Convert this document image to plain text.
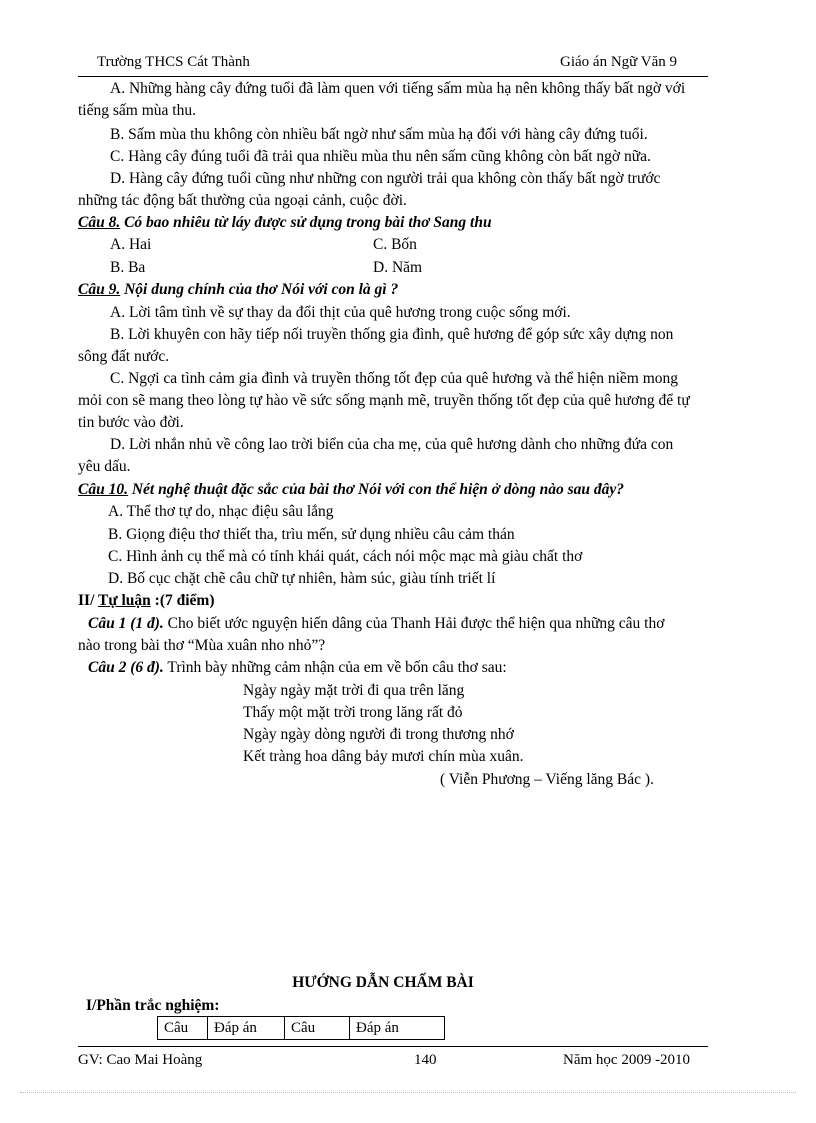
Trường THCS Cát Thành	Giáo án Ngữ Văn 9
A. Những hàng cây đứng tuổi đã làm quen với tiếng sấm mùa hạ nên không thấy bất ngờ với
tiếng sấm mùa thu.
B. Sấm mùa thu không còn nhiều bất ngờ như sấm mùa hạ đối với hàng cây đứng tuổi.
C. Hàng cây đúng tuổi đã trải qua nhiều mùa thu nên sấm cũng không còn bất ngờ nữa.
D. Hàng cây đứng tuổi cũng như những con người trải qua không còn thấy bất ngờ trước
những tác động bất thường của ngoại cảnh, cuộc đời.
Câu 8. Có bao nhiêu từ láy được sử dụng trong bài thơ Sang thu
A. Hai	C. Bốn
B. Ba	D. Năm
Câu 9. Nội dung chính của thơ Nói với con là gì ?
A. Lời tâm tình về sự thay da đổi thịt của quê hương trong cuộc sống mới.
B. Lời khuyên con hãy tiếp nối truyền thống gia đình, quê hương để góp sức xây dựng non
sông đất nước.
C. Ngợi ca tình cảm gia đình và truyền thống tốt đẹp của quê hương và thể hiện niềm mong
mỏi con sẽ mang theo lòng tự hào về sức sống mạnh mẽ, truyền thống tốt đẹp của quê hương để tự
tin bước vào đời.
D. Lời nhắn nhủ về công lao trời biển của cha mẹ, của quê hương dành cho những đứa con
yêu dấu.
Câu 10. Nét nghệ thuật đặc sắc của bài thơ Nói với con thể hiện ở dòng nào sau đây?
A. Thể thơ tự do, nhạc điệu sâu lắng
B. Giọng điệu thơ thiết tha, trìu mến, sử dụng nhiều câu cảm thán
C. Hình ảnh cụ thể mà có tính khái quát, cách nói mộc mạc mà giàu chất thơ
D. Bố cục chặt chẽ câu chữ tự nhiên, hàm súc, giàu tính triết lí
II/ Tự luận :(7 điểm)
Câu 1 (1 đ). Cho biết ước nguyện hiến dâng của Thanh Hải được thể hiện qua những câu thơ
nào trong bài thơ “Mùa xuân nho nhỏ”?
Câu 2 (6 đ). Trình bày những cảm nhận của em về bốn câu thơ sau:
Ngày ngày mặt trời đi qua trên lăng
Thấy một mặt trời trong lăng rất đỏ
Ngày ngày dòng người đi trong thương nhớ
Kết tràng hoa dâng bảy mươi chín mùa xuân.
( Viễn Phương – Viếng lăng Bác ).
HƯỚNG DẪN CHẤM BÀI
I/Phần trắc nghiệm:
Câu	Đáp án	Câu	Đáp án
GV: Cao Mai Hoàng	140	Năm học 2009 -2010
